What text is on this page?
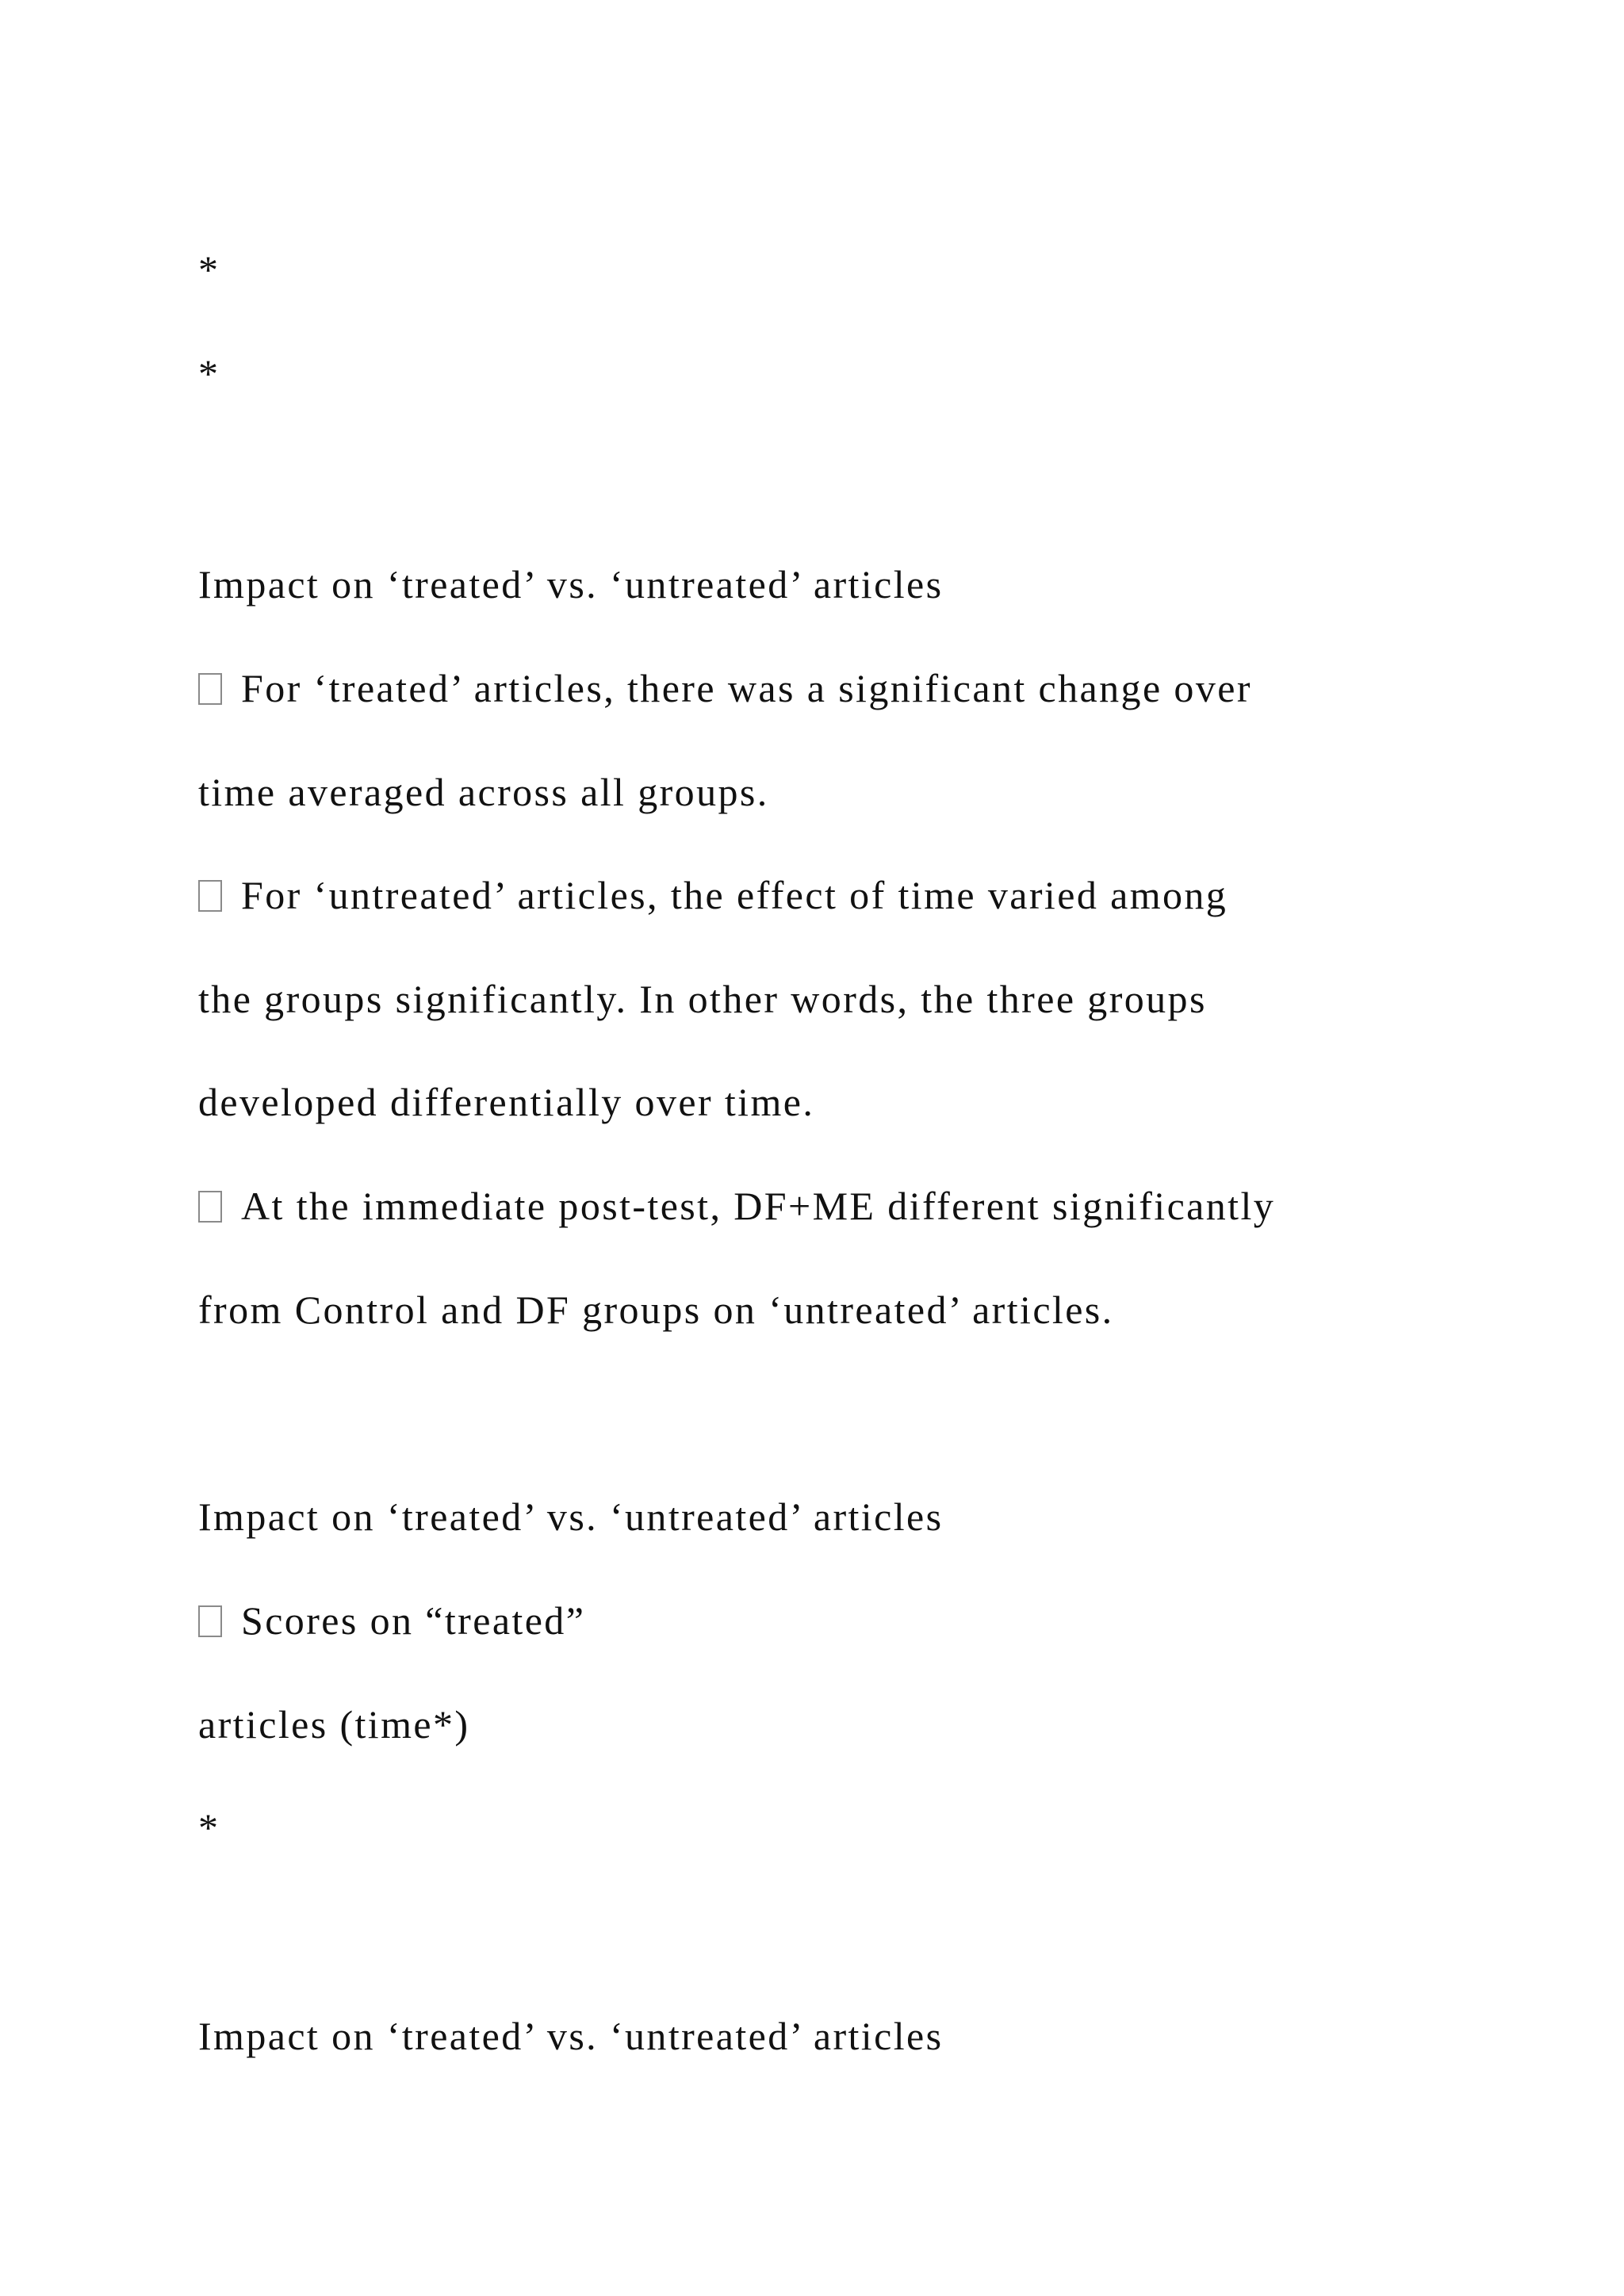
*

*

Impact on ‘treated’ vs. ‘untreated’ articles

For ‘treated’ articles, there was a significant change over

time averaged across all groups.

For ‘untreated’ articles, the effect of time varied among

the groups significantly. In other words, the three groups

developed differentially over time.

At the immediate post-test, DF+ME different significantly

from Control and DF groups on ‘untreated’ articles.

Impact on ‘treated’ vs. ‘untreated’ articles

Scores on “treated”

articles (time*)

*

Impact on ‘treated’ vs. ‘untreated’ articles
